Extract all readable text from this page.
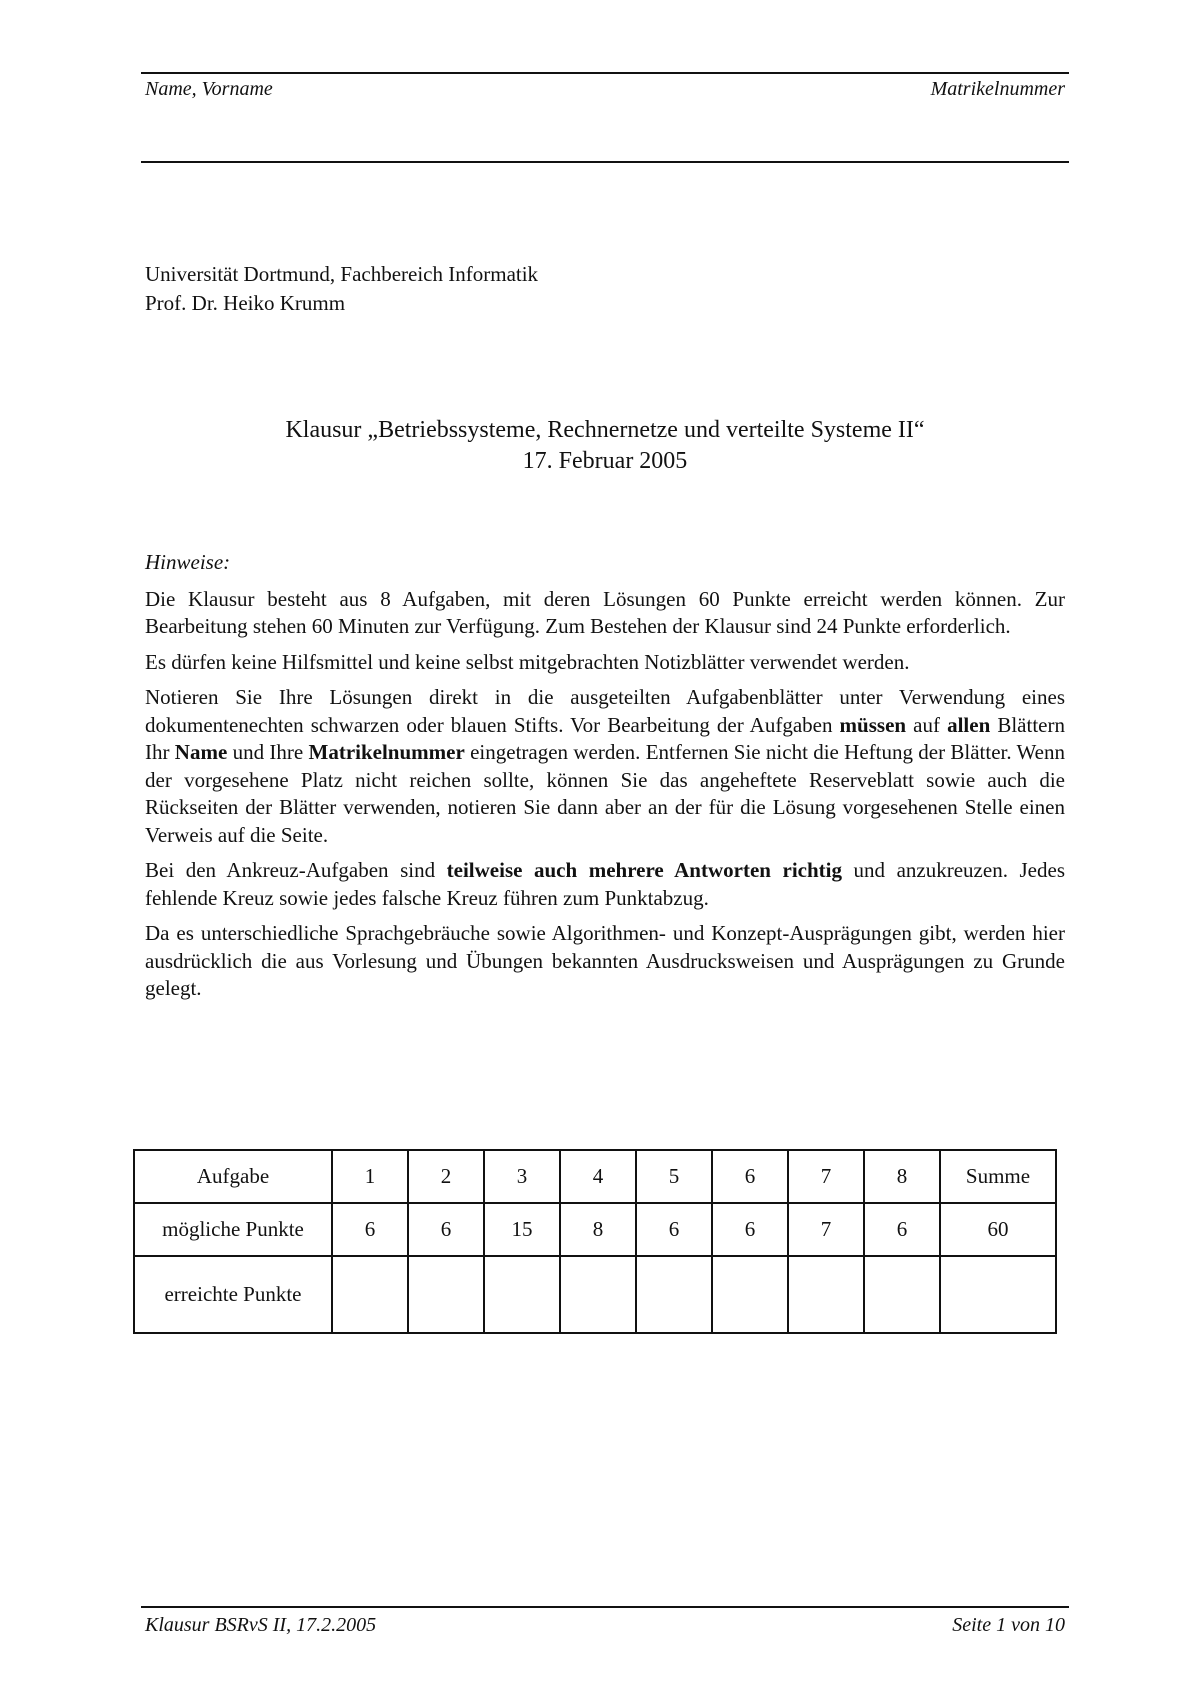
Name, Vorname	Matrikelnummer
Universität Dortmund, Fachbereich Informatik
Prof. Dr. Heiko Krumm
Klausur „Betriebssysteme, Rechnernetze und verteilte Systeme II“
17. Februar 2005
Hinweise:

Die Klausur besteht aus 8 Aufgaben, mit deren Lösungen 60 Punkte erreicht werden können. Zur Bearbeitung stehen 60 Minuten zur Verfügung. Zum Bestehen der Klausur sind 24 Punkte erforderlich.

Es dürfen keine Hilfsmittel und keine selbst mitgebrachten Notizblätter verwendet werden.

Notieren Sie Ihre Lösungen direkt in die ausgeteilten Aufgabenblätter unter Verwendung eines dokumentenechten schwarzen oder blauen Stifts. Vor Bearbeitung der Aufgaben müssen auf allen Blättern Ihr Name und Ihre Matrikelnummer eingetragen werden. Entfernen Sie nicht die Heftung der Blätter. Wenn der vorgesehene Platz nicht reichen sollte, können Sie das angeheftete Reserveblatt sowie auch die Rückseiten der Blätter verwenden, notieren Sie dann aber an der für die Lösung vorgesehenen Stelle einen Verweis auf die Seite.

Bei den Ankreuz-Aufgaben sind teilweise auch mehrere Antworten richtig und anzukreuzen. Jedes fehlende Kreuz sowie jedes falsche Kreuz führen zum Punktabzug.

Da es unterschiedliche Sprachgebräuche sowie Algorithmen- und Konzept-Ausprägungen gibt, werden hier ausdrücklich die aus Vorlesung und Übungen bekannten Ausdrucksweisen und Ausprägungen zu Grunde gelegt.

Aufgabe	1	2	3	4	5	6	7	8	Summe
mögliche Punkte	6	6	15	8	6	6	7	6	60
erreichte Punkte									
Klausur BSRvS II, 17.2.2005	Seite 1 von 10
